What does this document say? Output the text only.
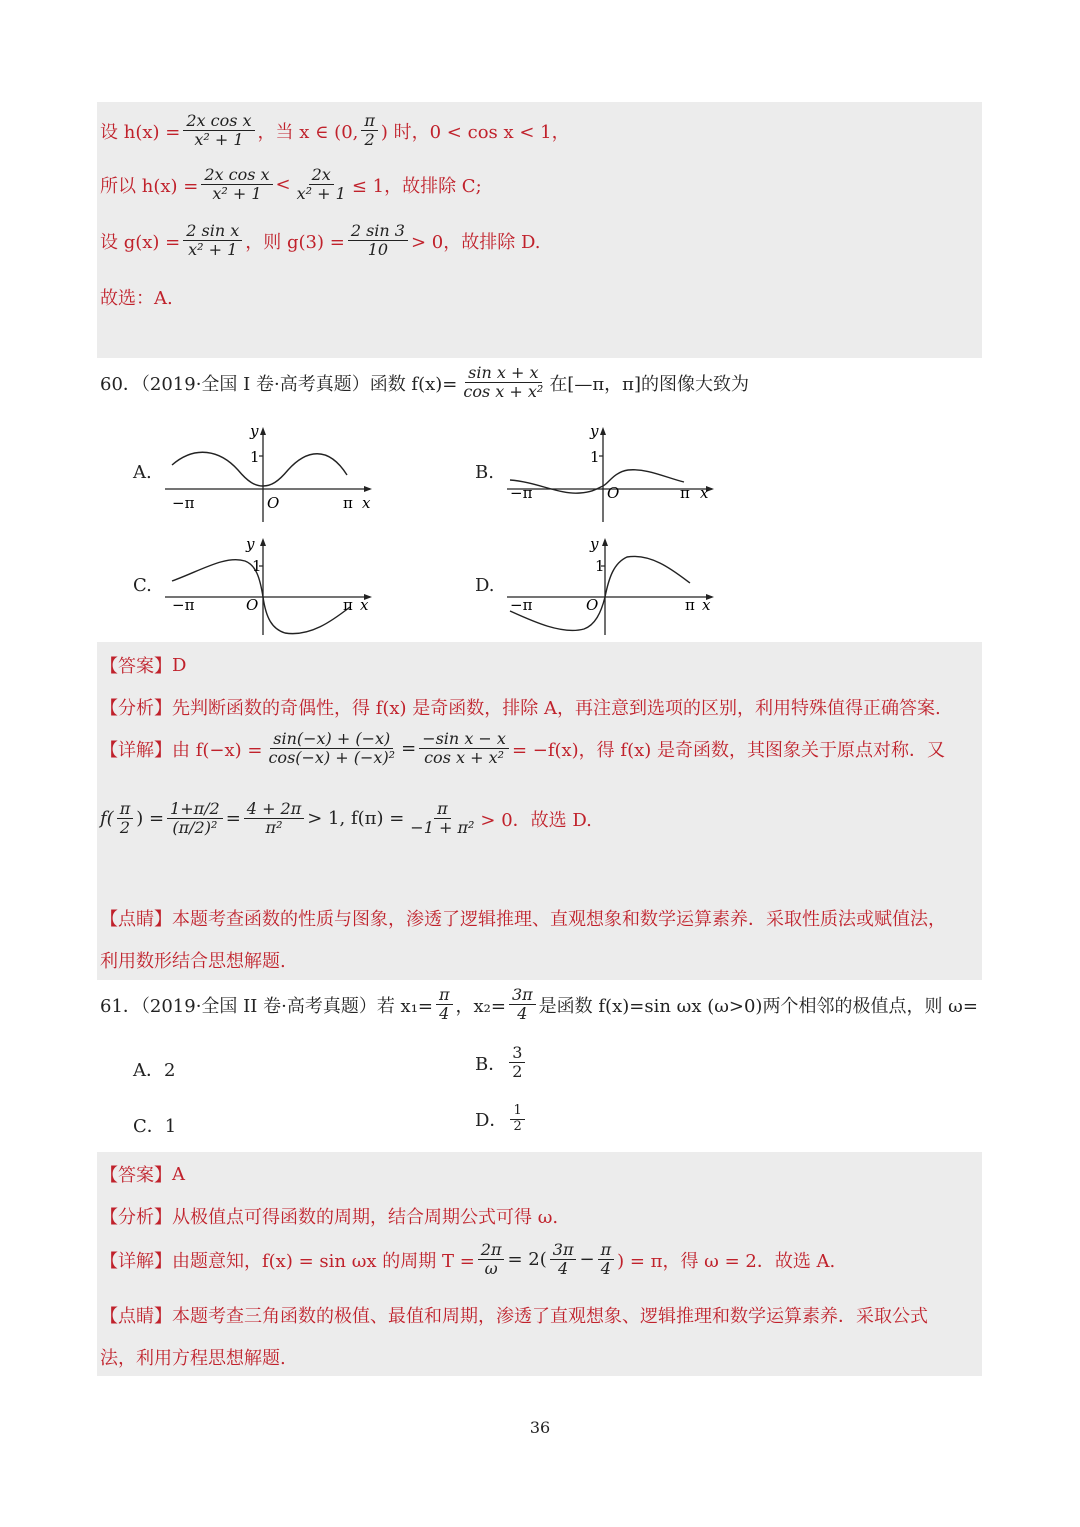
设 $h(x) = \frac{\text{2x cos x}}{\text{x² + 1}}$ ，当 x ∈ (0, $\frac{\pi}{2}$ ) 时，0 < cos x < 1，
所以 $h(x) = \frac{\text{2x cos x}}{\text{x² + 1}} < \frac{2x}{\text{x² + 1}} \le 1$，故排除 C;
设 $g(x) = \frac{\text{2 sin x}}{\text{x² + 1}}$ ，则 $g(3) = \frac{2 \sin 3}{10} > 0$，故排除 D.
故选：A.
60．（2019·全国 I 卷·高考真题）函数 $f(x)= \frac{\text{sin x + x}}{\text{cos x + x²}}$ 在[—π，π]的图像大致为
A.	B.
C.	D.
y
1
−π	O	π x
y
1
−π	O	π x
y
1
−π	O	π x
y
1
−π	O	π x
【答案】 D
【分析】 先判断函数的奇偶性，得 f(x) 是奇函数，排除 A，再注意到选项的区别，利用特殊值得正确答案.
【详解】 由 $f(-x) = \frac{\sin(-x) + (-x)}{\text{cos(−x) + (−x)²}} = \frac{\text{−sin x − x}}{\text{cos x + x²}} = -f(x)$，得 f(x) 是奇函数，其图象关于原点对称．又
$f( \frac{\pi}{2}$ ) = $\frac{1+\pi/2}{\text{(π/2)²}} = \frac{4 + 2\pi}{\text{π²}} > 1$, $f(\pi) = \frac{\pi}{\text{−1 + π²}} > 0$．故选 D.
【点睛】 本题考查函数的性质与图象，渗透了逻辑推理、直观想象和数学运算素养．采取性质法或赋值法，
利用数形结合思想解题.
61．（2019·全国 II 卷·高考真题）若 $x_1= \frac{\pi}{4}$ ，$x_2= \frac{3\pi}{4}$ 是函数 f(x)=sin ωx (ω>0)两个相邻的极值点，则 ω=
A．2	B． $\frac{3}{2}$
C．1	D． $\frac{1}{2}$
【答案】 A
【分析】 从极值点可得函数的周期，结合周期公式可得 ω.
【详解】 由题意知，f(x) = sin ωx 的周期 $T = \frac{2\pi}{\omega} = 2( \frac{3\pi}{4} - \frac{\pi}{4}$ ) = π，得 ω = 2．故选 A.
【点睛】 本题考查三角函数的极值、最值和周期，渗透了直观想象、逻辑推理和数学运算素养．采取公式
法，利用方程思想解题.
36
